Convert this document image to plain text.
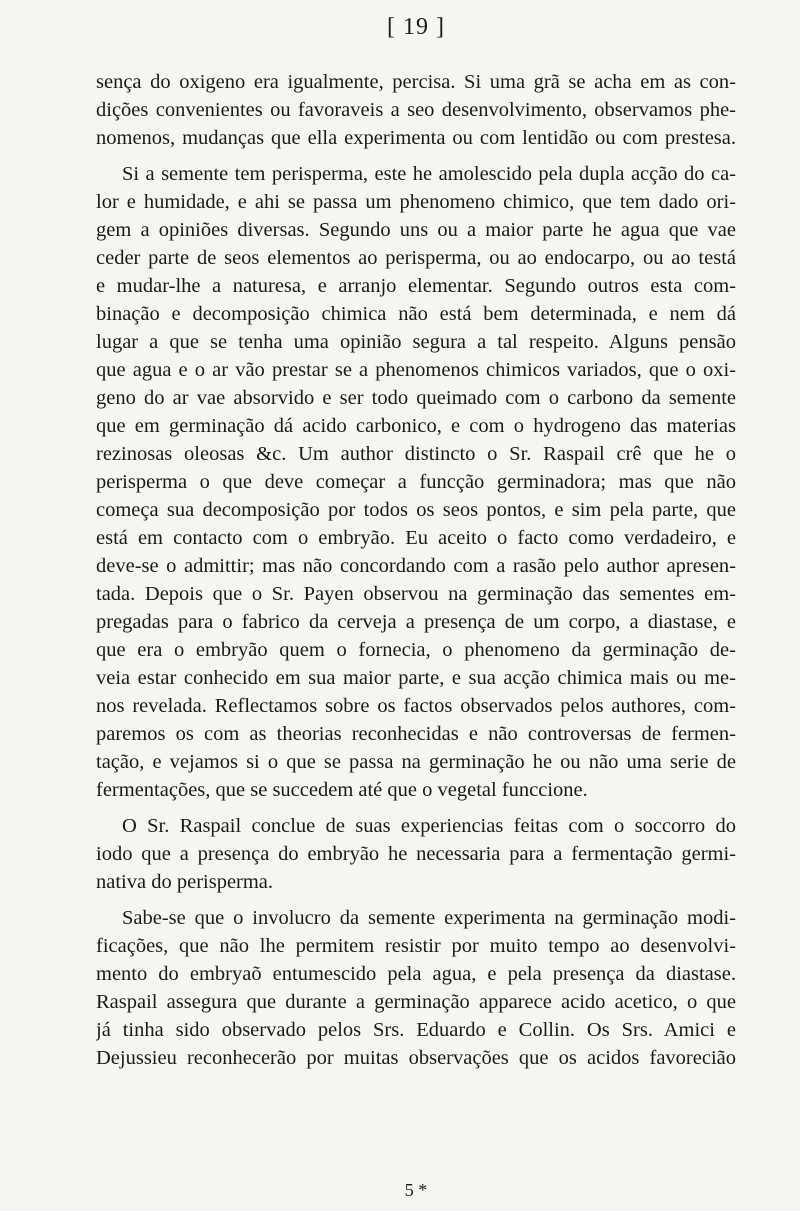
[ 19 ]
sença do oxigeno era igualmente, percisa. Si uma grã se acha em as con-
dições convenientes ou favoraveis a seo desenvolvimento, observamos phe-
nomenos, mudanças que ella experimenta ou com lentidão ou com prestesa.
Si a semente tem perisperma, este he amolescido pela dupla acção do ca-
lor e humidade, e ahi se passa um phenomeno chimico, que tem dado ori-
gem a opiniões diversas. Segundo uns ou a maior parte he agua que vae
ceder parte de seos elementos ao perisperma, ou ao endocarpo, ou ao testá
e mudar-lhe a naturesa, e arranjo elementar. Segundo outros esta com-
binação e decomposição chimica não está bem determinada, e nem dá
lugar a que se tenha uma opinião segura a tal respeito. Alguns pensão
que agua e o ar vão prestar se a phenomenos chimicos variados, que o oxi-
geno do ar vae absorvido e ser todo queimado com o carbono da semente
que em germinação dá acido carbonico, e com o hydrogeno das materias
rezinosas oleosas &c. Um author distincto o Sr. Raspail crê que he o
perisperma o que deve começar a funcção germinadora; mas que não
começa sua decomposição por todos os seos pontos, e sim pela parte, que
está em contacto com o embryão. Eu aceito o facto como verdadeiro, e
deve-se o admittir; mas não concordando com a rasão pelo author apresen-
tada. Depois que o Sr. Payen observou na germinação das sementes em-
pregadas para o fabrico da cerveja a presença de um corpo, a diastase, e
que era o embryão quem o fornecia, o phenomeno da germinação de-
veia estar conhecido em sua maior parte, e sua acção chimica mais ou me-
nos revelada. Reflectamos sobre os factos observados pelos authores, com-
paremos os com as theorias reconhecidas e não controversas de fermen-
tação, e vejamos si o que se passa na germinação he ou não uma serie de
fermentações, que se succedem até que o vegetal funccione.
O Sr. Raspail conclue de suas experiencias feitas com o soccorro do
iodo que a presença do embryão he necessaria para a fermentação germi-
nativa do perisperma.
Sabe-se que o involucro da semente experimenta na germinação modi-
ficações, que não lhe permitem resistir por muito tempo ao desenvolvi-
mento do embryaõ entumescido pela agua, e pela presença da diastase.
Raspail assegura que durante a germinação apparece acido acetico, o que
já tinha sido observado pelos Srs. Eduardo e Collin. Os Srs. Amici e
Dejussieu reconhecerão por muitas observações que os acidos favorecião
5 *
